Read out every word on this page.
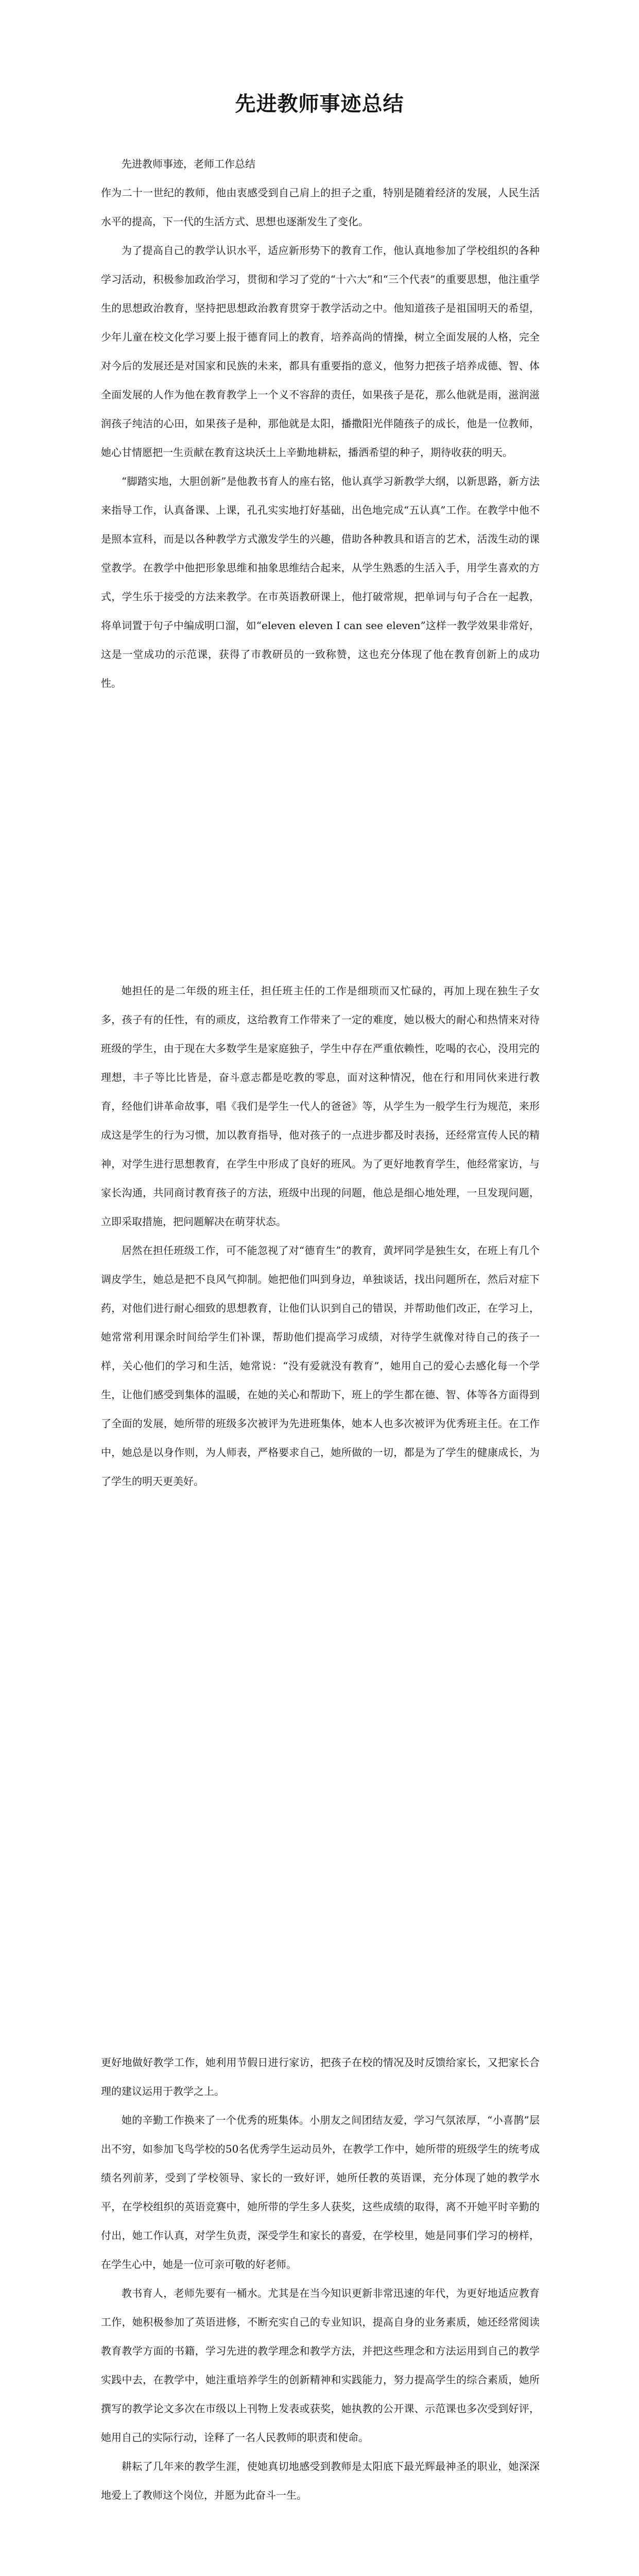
先进教师事迹总结

先进教师事迹，老师工作总结

作为二十一世纪的教师，他由衷感受到自己肩上的担子之重，特别是随着经济的发展，人民生活水平的提高，下一代的生活方式、思想也逐渐发生了变化。

为了提高自己的教学认识水平，适应新形势下的教育工作，他认真地参加了学校组织的各种学习活动，积极参加政治学习，贯彻和学习了党的“十六大”和“三个代表”的重要思想，他注重学生的思想政治教育，坚持把思想政治教育贯穿于教学活动之中。他知道孩子是祖国明天的希望，少年儿童在校文化学习要上报于德育同上的教育，培养高尚的情操，树立全面发展的人格，完全对今后的发展还是对国家和民族的未来，都具有重要指的意义，他努力把孩子培养成德、智、体全面发展的人作为他在教育教学上一个义不容辞的责任，如果孩子是花，那么他就是雨，滋润滋润孩子纯洁的心田，如果孩子是种，那他就是太阳，播撒阳光伴随孩子的成长，他是一位教师，她心甘情愿把一生贡献在教育这块沃土上辛勤地耕耘，播洒希望的种子，期待收获的明天。

“脚踏实地，大胆创新”是他教书育人的座右铭，他认真学习新教学大纲，以新思路，新方法来指导工作，认真备课、上课，孔孔实实地打好基础，出色地完成“五认真”工作。在教学中他不是照本宣科，而是以各种教学方式激发学生的兴趣，借助各种教具和语言的艺术，活泼生动的课堂教学。在教学中他把形象思维和抽象思维结合起来，从学生熟悉的生活入手，用学生喜欢的方式，学生乐于接受的方法来教学。在市英语教研课上，他打破常规，把单词与句子合在一起教，将单词置于句子中编成明口溜，如“eleven eleven I can see eleven”这样一教学效果非常好，这是一堂成功的示范课，获得了市教研员的一致称赞，这也充分体现了他在教育创新上的成功性。

她担任的是二年级的班主任，担任班主任的工作是细琐而又忙碌的，再加上现在独生子女多，孩子有的任性，有的顽皮，这给教育工作带来了一定的难度，她以极大的耐心和热情来对待班级的学生，由于现在大多数学生是家庭独子，学生中存在严重依赖性，吃喝的衣心，没用完的理想，丰子等比比皆是，奋斗意志都是吃教的零息，面对这种情况，他在行和用同伙来进行教育，经他们讲革命故事，唱《我们是学生一代人的爸爸》等，从学生为一般学生行为规范，来形成这是学生的行为习惯，加以教育指导，他对孩子的一点进步都及时表扬，还经常宣传人民的精神，对学生进行思想教育，在学生中形成了良好的班风。为了更好地教育学生，他经常家访，与家长沟通，共同商讨教育孩子的方法，班级中出现的问题，他总是细心地处理，一旦发现问题，立即采取措施，把问题解决在萌芽状态。

居然在担任班级工作，可不能忽视了对“德育生”的教育，黄坪同学是独生女，在班上有几个调皮学生，她总是把不良风气抑制。她把他们叫到身边，单独谈话，找出问题所在，然后对症下药，对他们进行耐心细致的思想教育，让他们认识到自己的错误，并帮助他们改正，在学习上，她常常利用课余时间给学生们补课，帮助他们提高学习成绩，对待学生就像对待自己的孩子一样，关心他们的学习和生活，她常说：“没有爱就没有教育”，她用自己的爱心去感化每一个学生，让他们感受到集体的温暖，在她的关心和帮助下，班上的学生都在德、智、体等各方面得到了全面的发展，她所带的班级多次被评为先进班集体，她本人也多次被评为优秀班主任。在工作中，她总是以身作则，为人师表，严格要求自己，她所做的一切，都是为了学生的健康成长，为了学生的明天更美好。

更好地做好教学工作，她利用节假日进行家访，把孩子在校的情况及时反馈给家长，又把家长合理的建议运用于教学之上。

她的辛勤工作换来了一个优秀的班集体。小朋友之间团结友爱，学习气氛浓厚，“小喜鹊”层出不穷，如参加飞鸟学校的50名优秀学生运动员外，在教学工作中，她所带的班级学生的统考成绩名列前茅，受到了学校领导、家长的一致好评，她所任教的英语课，充分体现了她的教学水平，在学校组织的英语竞赛中，她所带的学生多人获奖，这些成绩的取得，离不开她平时辛勤的付出，她工作认真，对学生负责，深受学生和家长的喜爱，在学校里，她是同事们学习的榜样，在学生心中，她是一位可亲可敬的好老师。

教书育人，老师先要有一桶水。尤其是在当今知识更新非常迅速的年代，为更好地适应教育工作，她积极参加了英语进修，不断充实自己的专业知识，提高自身的业务素质，她还经常阅读教育教学方面的书籍，学习先进的教学理念和教学方法，并把这些理念和方法运用到自己的教学实践中去，在教学中，她注重培养学生的创新精神和实践能力，努力提高学生的综合素质，她所撰写的教学论文多次在市级以上刊物上发表或获奖，她执教的公开课、示范课也多次受到好评，她用自己的实际行动，诠释了一名人民教师的职责和使命。

耕耘了几年来的教学生涯，使她真切地感受到教师是太阳底下最光辉最神圣的职业，她深深地爱上了教师这个岗位，并愿为此奋斗一生。
